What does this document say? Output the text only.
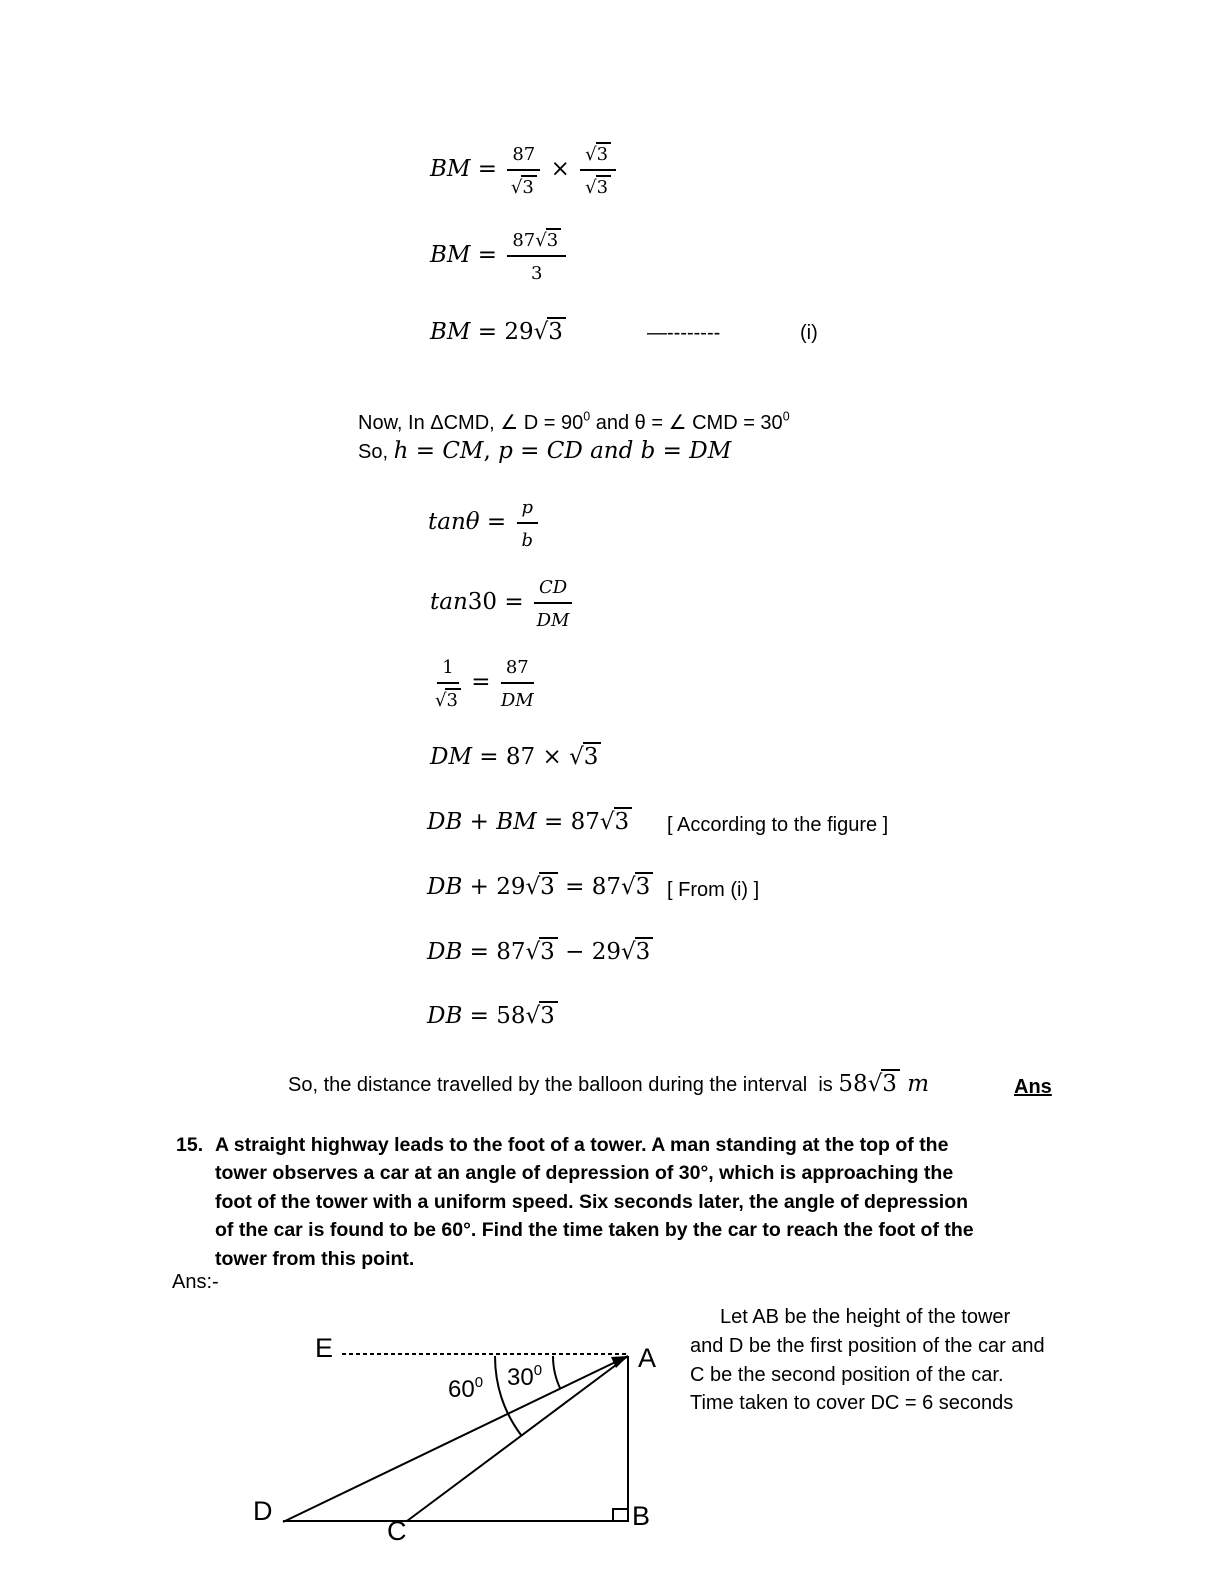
BM = $\frac{87}{√3} \times \frac{√3}{√3}$
BM = $\frac{87√3}{3}$
BM = 29√3	—--------	(i)
Now, In ΔCMD, ∠ $D = 90^0$ and θ = ∠ CMD = $30^0$
So, h = CM, p = CD and b = DM
$\tan\theta = \frac{p}{b}$
$\tan 30 = \frac{CD}{DM}$
$\frac{1}{√3} = \frac{87}{DM}$
DM = 87 × √3
DB + BM = 87√3 [ According to the figure ]
DB + 29√3 = 87√3 [ From (i) ]
DB = 87√3 − 29√3
DB = 58√3
So, the distance travelled by the balloon during the interval  is 58√3 m	Ans
15. A straight highway leads to the foot of a tower. A man standing at the top of the
tower observes a car at an angle of depression of 30°, which is approaching the
foot of the tower with a uniform speed. Six seconds later, the angle of depression
of the car is found to be 60°. Find the time taken by the car to reach the foot of the
tower from this point.
Ans:-
Let AB be the height of the tower
and D be the first position of the car and
C be the second position of the car.
Time taken to cover DC = 6 seconds
E	A
B
C
D
$60^0$ $30^0$
